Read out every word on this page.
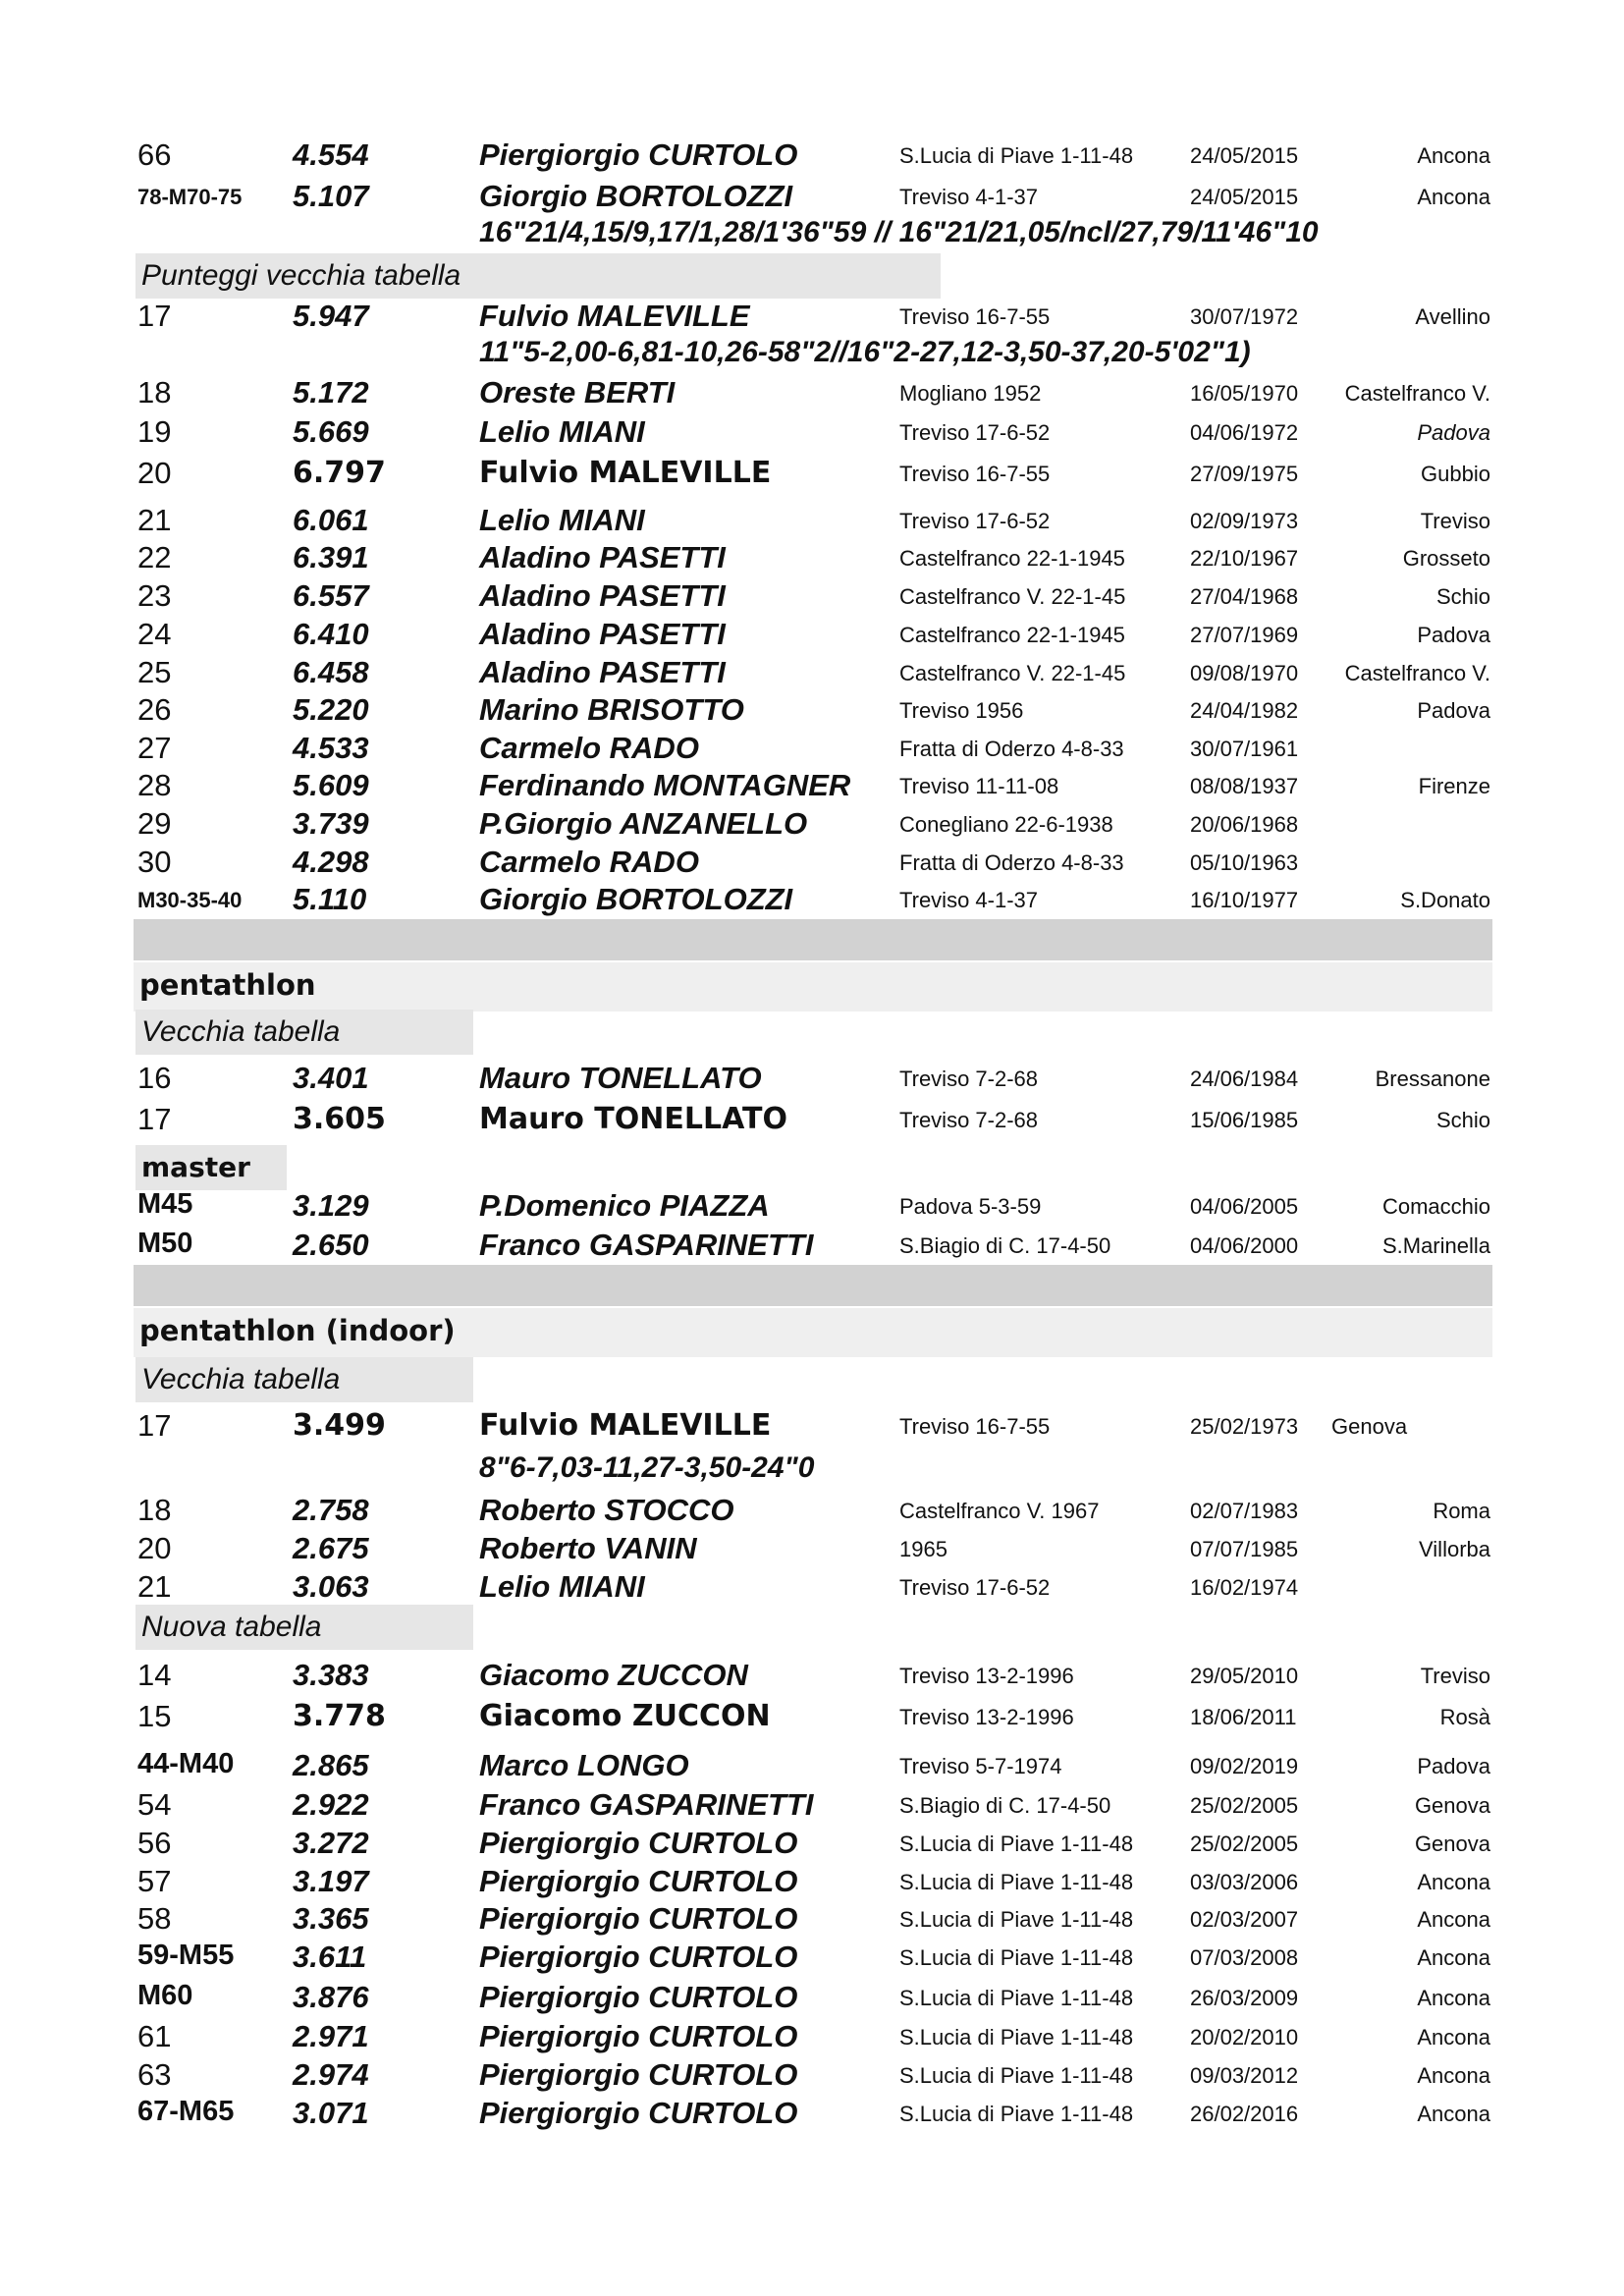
66	4.554	Piergiorgio CURTOLO	S.Lucia di Piave 1-11-48	24/05/2015	Ancona
78-M70-75 5.107	Giorgio BORTOLOZZI	Treviso 4-1-37	24/05/2015	Ancona
16"21/4,15/9,17/1,28/1'36"59 // 16"21/21,05/ncl/27,79/11'46"10
Punteggi vecchia tabella
17	5.947	Fulvio MALEVILLE	Treviso 16-7-55	30/07/1972	Avellino
11"5-2,00-6,81-10,26-58"2//16"2-27,12-3,50-37,20-5'02"1)
18	5.172	Oreste BERTI	Mogliano 1952	16/05/1970 Castelfranco V.
19	5.669	Lelio MIANI	Treviso 17-6-52	04/06/1972	Padova
20	6.797	Fulvio MALEVILLE	Treviso 16-7-55	27/09/1975	Gubbio
21	6.061	Lelio MIANI	Treviso 17-6-52	02/09/1973	Treviso
22	6.391	Aladino PASETTI	Castelfranco 22-1-1945	22/10/1967	Grosseto
23	6.557	Aladino PASETTI	Castelfranco V. 22-1-45	27/04/1968	Schio
24	6.410	Aladino PASETTI	Castelfranco 22-1-1945	27/07/1969	Padova
25	6.458	Aladino PASETTI	Castelfranco V. 22-1-45	09/08/1970 Castelfranco V.
26	5.220	Marino BRISOTTO	Treviso 1956	24/04/1982	Padova
27	4.533	Carmelo RADO	Fratta di Oderzo 4-8-33	30/07/1961
28	5.609	Ferdinando MONTAGNER Treviso 11-11-08	08/08/1937	Firenze
29	3.739	P.Giorgio ANZANELLO	Conegliano 22-6-1938	20/06/1968
30	4.298	Carmelo RADO	Fratta di Oderzo 4-8-33	05/10/1963
M30-35-40 5.110	Giorgio BORTOLOZZI	Treviso 4-1-37	16/10/1977	S.Donato
pentathlon
Vecchia tabella
16	3.401	Mauro TONELLATO	Treviso 7-2-68	24/06/1984	Bressanone
17	3.605	Mauro TONELLATO	Treviso 7-2-68	15/06/1985	Schio
master
M45	3.129	P.Domenico PIAZZA	Padova 5-3-59	04/06/2005	Comacchio
M50	2.650	Franco GASPARINETTI	S.Biagio di C. 17-4-50	04/06/2000	S.Marinella
pentathlon (indoor)
Vecchia tabella
17	3.499	Fulvio MALEVILLE	Treviso 16-7-55	25/02/1973 Genova
8"6-7,03-11,27-3,50-24"0
18	2.758	Roberto STOCCO	Castelfranco V. 1967	02/07/1983	Roma
20	2.675	Roberto VANIN	1965	07/07/1985	Villorba
21	3.063	Lelio MIANI	Treviso 17-6-52	16/02/1974
Nuova tabella
14	3.383	Giacomo ZUCCON	Treviso 13-2-1996	29/05/2010	Treviso
15	3.778	Giacomo ZUCCON	Treviso 13-2-1996	18/06/2011	Rosà
44-M40 2.865	Marco LONGO	Treviso 5-7-1974	09/02/2019	Padova
54	2.922	Franco GASPARINETTI	S.Biagio di C. 17-4-50	25/02/2005	Genova
56	3.272	Piergiorgio CURTOLO	S.Lucia di Piave 1-11-48	25/02/2005	Genova
57	3.197	Piergiorgio CURTOLO	S.Lucia di Piave 1-11-48	03/03/2006	Ancona
58	3.365	Piergiorgio CURTOLO	S.Lucia di Piave 1-11-48	02/03/2007	Ancona
59-M55 3.611	Piergiorgio CURTOLO	S.Lucia di Piave 1-11-48	07/03/2008	Ancona
M60	3.876	Piergiorgio CURTOLO	S.Lucia di Piave 1-11-48	26/03/2009	Ancona
61	2.971	Piergiorgio CURTOLO	S.Lucia di Piave 1-11-48	20/02/2010	Ancona
63	2.974	Piergiorgio CURTOLO	S.Lucia di Piave 1-11-48	09/03/2012	Ancona
67-M65 3.071	Piergiorgio CURTOLO	S.Lucia di Piave 1-11-48	26/02/2016	Ancona
